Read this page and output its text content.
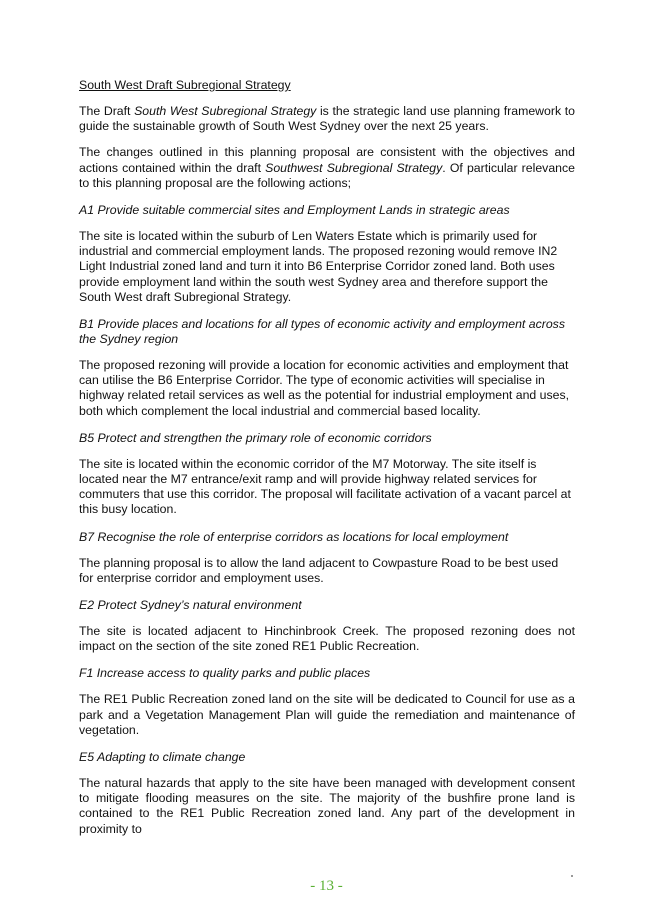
South West Draft Subregional Strategy

The Draft South West Subregional Strategy is the strategic land use planning framework to guide the sustainable growth of South West Sydney over the next 25 years.

The changes outlined in this planning proposal are consistent with the objectives and actions contained within the draft Southwest Subregional Strategy. Of particular relevance to this planning proposal are the following actions;

A1 Provide suitable commercial sites and Employment Lands in strategic areas

The site is located within the suburb of Len Waters Estate which is primarily used for industrial and commercial employment lands. The proposed rezoning would remove IN2 Light Industrial zoned land and turn it into B6 Enterprise Corridor zoned land. Both uses provide employment land within the south west Sydney area and therefore support the South West draft Subregional Strategy.

B1 Provide places and locations for all types of economic activity and employment across the Sydney region

The proposed rezoning will provide a location for economic activities and employment that can utilise the B6 Enterprise Corridor. The type of economic activities will specialise in highway related retail services as well as the potential for industrial employment and uses, both which complement the local industrial and commercial based locality.

B5 Protect and strengthen the primary role of economic corridors

The site is located within the economic corridor of the M7 Motorway. The site itself is located near the M7 entrance/exit ramp and will provide highway related services for commuters that use this corridor. The proposal will facilitate activation of a vacant parcel at this busy location.

B7 Recognise the role of enterprise corridors as locations for local employment

The planning proposal is to allow the land adjacent to Cowpasture Road to be best used for enterprise corridor and employment uses.

E2 Protect Sydney’s natural environment

The site is located adjacent to Hinchinbrook Creek. The proposed rezoning does not impact on the section of the site zoned RE1 Public Recreation.

F1 Increase access to quality parks and public places

The RE1 Public Recreation zoned land on the site will be dedicated to Council for use as a park and a Vegetation Management Plan will guide the remediation and maintenance of vegetation.

E5 Adapting to climate change

The natural hazards that apply to the site have been managed with development consent to mitigate flooding measures on the site. The majority of the bushfire prone land is contained to the RE1 Public Recreation zoned land. Any part of the development in proximity to

- 13 -
